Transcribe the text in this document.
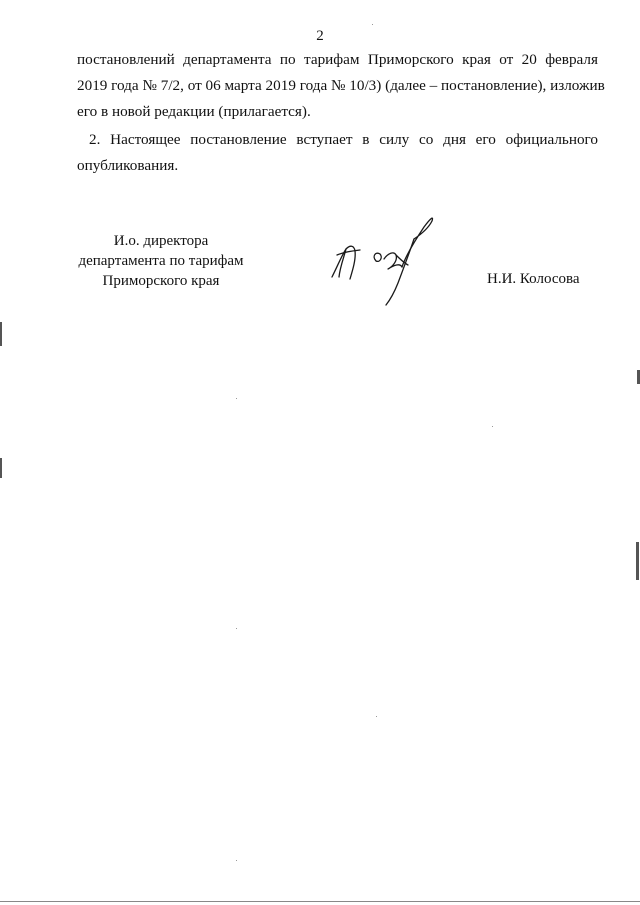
2

постановлений департамента по тарифам Приморского края от 20 февраля
2019 года № 7/2, от 06 марта 2019 года № 10/3) (далее – постановление), изложив
его в новой редакции (прилагается).

2. Настоящее постановление вступает в силу со дня его официального
опубликования.

И.о. директора
департамента по тарифам
Приморского края	Н.И. Колосова
